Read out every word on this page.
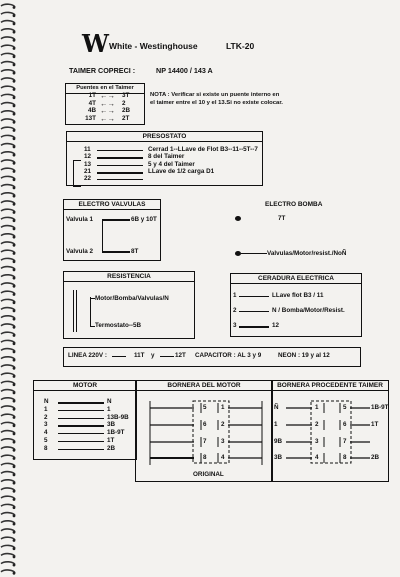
W White - Westinghouse	LTK-20
TAIMER COPRECI :	NP 14400 / 143 A
Puentes en el Taimer
1T ←→ 3T
4T ←→ 2
4B ←→ 2B
13T ←→ 2T
NOTA : Verificar si existe un puente interno en
el taimer entre el 10 y el 13.Si no existe colocar.
PRESOSTATO
11	Cerrad 1--LLave de Flot B3--11--5T--7
12	8 del Taimer
13	5 y 4 del Taimer
21	LLave de 1/2 carga D1
22
ELECTRO VALVULAS
Valvula 1	6B y 10T
Valvula 2	8T
ELECTRO BOMBA
7T
Valvulas/Motor/resist./NoÑ
RESISTENCIA
Motor/Bomba/Valvulas/N
Termostato--5B
CERADURA ELECTRICA
1	LLave flot B3 / 11
2	N / Bomba/Motor/Resist.
3	12
LINEA 220V :	11T y	12T CAPACITOR : AL 3 y 9	NEON : 19 y al 12
MOTOR
N	N
1	1
2	13B-9B
3	3B
4	1B-9T
5	1T
8	2B
BORNERA DEL MOTOR
5 1
6 2
7 3
8 4
ORIGINAL
BORNERA PROCEDENTE TAIMER
Ñ	1	5	1B-9T
1	2	6	1T
9B	3	7
3B	4	8	2B
